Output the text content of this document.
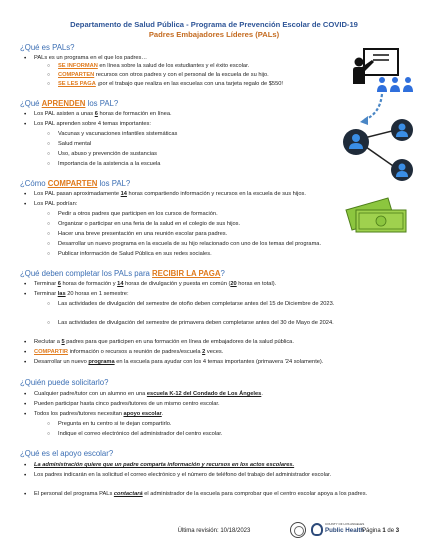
Departamento de Salud Pública - Programa de Prevención Escolar de COVID-19
Padres Embajadores Líderes (PALs)
¿Qué es PALs?
• PALs es un programa en el que los padres…
○ SE INFORMAN en línea sobre la salud de los estudiantes y el éxito escolar.
○ COMPARTEN recursos con otros padres y con el personal de la escuela de su hijo.
○ SE LES PAGA ¡por el trabajo que realiza en las escuelas con una tarjeta regalo de $550!
¿Qué APRENDEN los PAL?
• Los PAL asisten a unas 6 horas de formación en línea.
• Los PAL aprenden sobre 4 temas importantes:
○ Vacunas y vacunaciones infantiles sistemáticas
○ Salud mental
○ Uso, abuso y prevención de sustancias
○ Importancia de la asistencia a la escuela
¿Cómo COMPARTEN los PAL?
• Los PAL pasan aproximadamente 14 horas compartiendo información y recursos en la escuela de sus hijos.
• Los PAL podrían:
○ Pedir a otros padres que participen en los cursos de formación.
○ Organizar o participar en una feria de la salud en el colegio de sus hijos.
○ Hacer una breve presentación en una reunión escolar para padres.
○ Desarrollar un nuevo programa en la escuela de su hijo relacionado con uno de los temas del programa.
○ Publicar información de Salud Pública en sus redes sociales.
¿Qué deben completar los PALs para RECIBIR LA PAGA?
• Terminar 6 horas de formación y 14 horas de divulgación y puesta en común (20 horas en total).
• Terminar las 20 horas en 1 semestre:
○ Las actividades de divulgación del semestre de otoño deben completarse antes del 15 de Diciembre de 2023.
○ Las actividades de divulgación del semestre de primavera deben completarse antes del 30 de Mayo de 2024.
• Reclutar a 5 padres para que participen en una formación en línea de embajadores de la salud pública.
• COMPARTIR información o recursos a reunión de padres/escuela 2 veces.
• Desarrollar un nuevo programa en la escuela para ayudar con los 4 temas importantes (primavera '24 solamente).
¿Quién puede solicitarlo?
• Cualquier padre/tutor con un alumno en una escuela K-12 del Condado de Los Ángeles.
• Pueden participar hasta cinco padres/tutores de un mismo centro escolar.
• Todos los padres/tutores necesitan apoyo escolar.
○ Pregunta en tu centro si te dejan compartirlo.
○ Indique el correo electrónico del administrador del centro escolar.
¿Qué es el apoyo escolar?
• La administración quiere que un padre comparta información y recursos en los actos escolares.
• Los padres indicarán en la solicitud el correo electrónico y el número de teléfono del trabajo del administrador escolar.
• El personal del programa PALs contactará el administrador de la escuela para comprobar que el centro escolar apoya a los padres.
Última revisión: 10/18/2023
COUNTY OF LOS ANGELES
Public Health
Página 1 de 3
